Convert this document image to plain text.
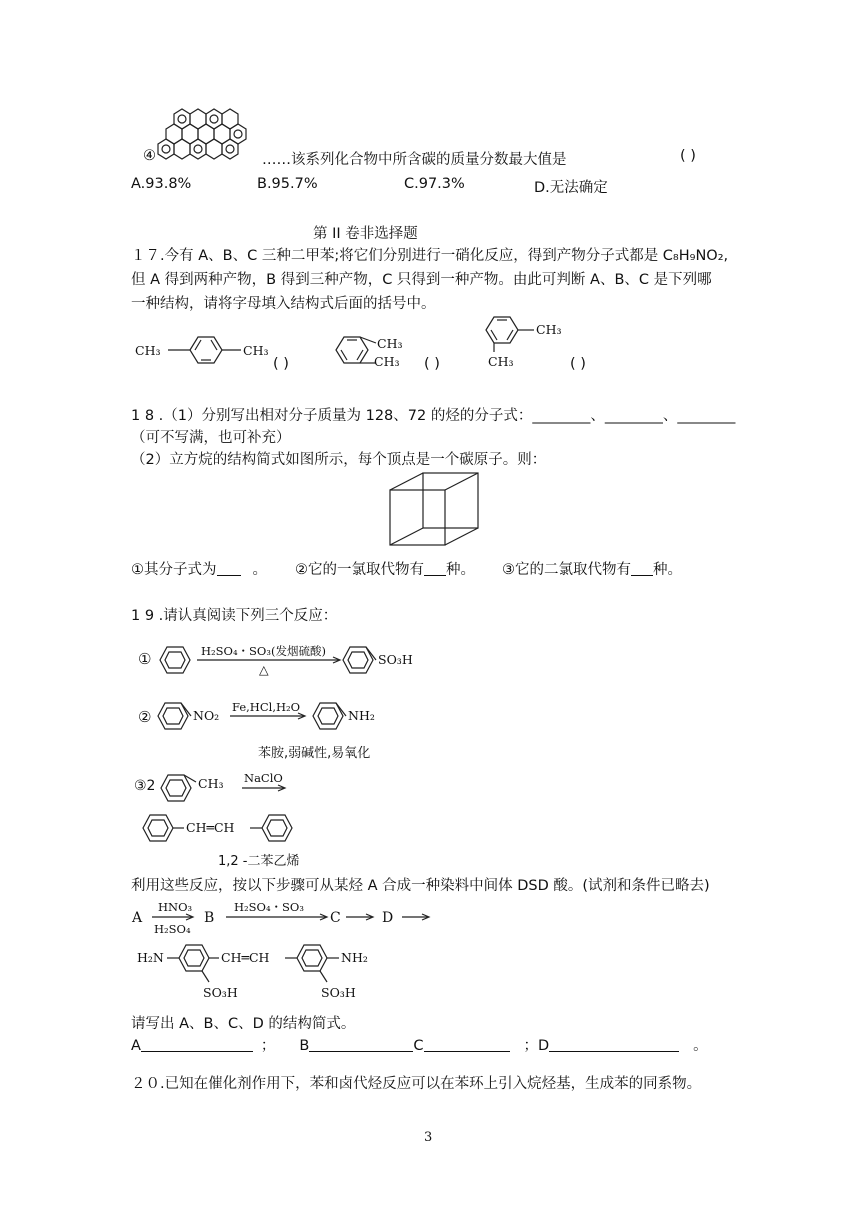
④	……该系列化合物中所含碳的质量分数最大值是	( )
A.93.8%	B.95.7%	C.97.3%	D.无法确定
第 II 卷非选择题
１７.今有 A、B、C 三种二甲苯;将它们分别进行一硝化反应，得到产物分子式都是 C₈H₉NO₂,
但 A 得到两种产物，B 得到三种产物，C 只得到一种产物。由此可判断 A、B、C 是下列哪
一种结构，请将字母填入结构式后面的括号中。
CH₃	CH₃
( )
CH₃
CH₃ ( )
CH₃
CH₃	( )
1 8 .（1）分别写出相对分子质量为 128、72 的烃的分子式：________、________、________
（可不写满，也可补充）
（2）立方烷的结构简式如图所示，每个顶点是一个碳原子。则：
①其分子式为 。 ②它的一氯取代物有 种。 ③它的二氯取代物有 种。
1 9 .请认真阅读下列三个反应：
①	H₂SO₄・SO₃(发烟硫酸)
△
SO₃H
②	NO₂
Fe,HCl,H₂O
NH₂
苯胺,弱碱性,易氧化
③2	CH₃ NaClO
CH═CH
1,2 -二苯乙烯
利用这些反应，按以下步骤可从某烃 A 合成一种染料中间体 DSD 酸。(试剂和条件已略去)
A
HNO₃
H₂SO₄
B
H₂SO₄・SO₃
C	D
H₂N	CH═CH	NH₂
SO₃H	SO₃H
请写出 A、B、C、D 的结构简式。
A	； B	C	；D	。
２０.已知在催化剂作用下，苯和卤代烃反应可以在苯环上引入烷烃基，生成苯的同系物。
3
